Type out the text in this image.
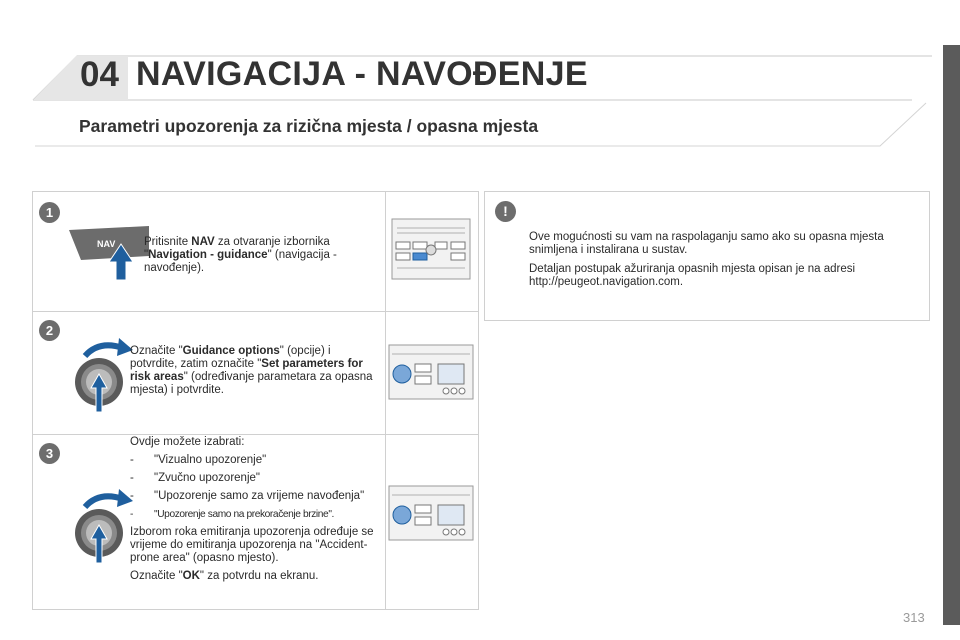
04 NAVIGACIJA - NAVOĐENJE
Parametri upozorenja za rizična mjesta / opasna mjesta
1
NAV Pritisnite NAV za otvaranje izbornika "Navigation - guidance" (navigacija - navođenje).
2
Označite "Guidance options" (opcije) i potvrdite, zatim označite "Set parameters for risk areas" (određivanje parametara za opasna mjesta) i potvrdite.
3

Ovdje možete izabrati:

- "Vizualno upozorenje"
- "Zvučno upozorenje"
- "Upozorenje samo za vrijeme navođenja"
- "Upozorenje samo na prekoračenje brzine".

Izborom roka emitiranja upozorenja određuje se vrijeme do emitiranja upozorenja na "Accident-prone area" (opasno mjesto).

Označite "OK" za potvrdu na ekranu.

!

Ove mogućnosti su vam na raspolaganju samo ako su opasna mjesta snimljena i instalirana u sustav.

Detaljan postupak ažuriranja opasnih mjesta opisan je na adresi http://peugeot.navigation.com.

313
